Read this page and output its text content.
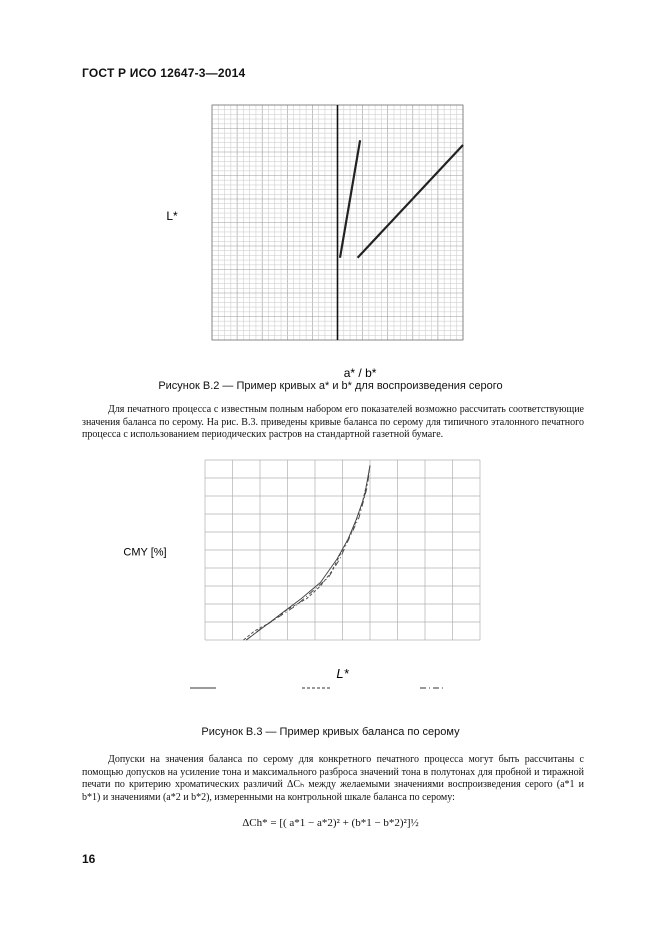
ГОСТ Р ИСО 12647-3—2014
a* / b*
L*
Рисунок В.2 — Пример кривых a* и b* для воспроизведения серого

Для печатного процесса с известным полным набором его показателей возможно рассчитать соответствующие значения баланса по серому. На рис. В.3. приведены кривые баланса по серому для типичного эталонного печатного процесса с использованием периодических растров на стандартной газетной бумаге.

L*
CMY [%]
Рисунок В.3 — Пример кривых баланса по серому

Допуски на значения баланса по серому для конкретного печатного процесса могут быть рассчитаны с помощью допусков на усиление тона и максимального разброса значений тона в полутонах для пробной и тиражной печати по критерию хроматических различий ΔCₕ между желаемыми значениями воспроизведения серого (a*1 и b*1) и значениями (a*2 и b*2), измеренными на контрольной шкале баланса по серому:

ΔCh* = [( a*1 − a*2)² + (b*1 − b*2)²]½
16
